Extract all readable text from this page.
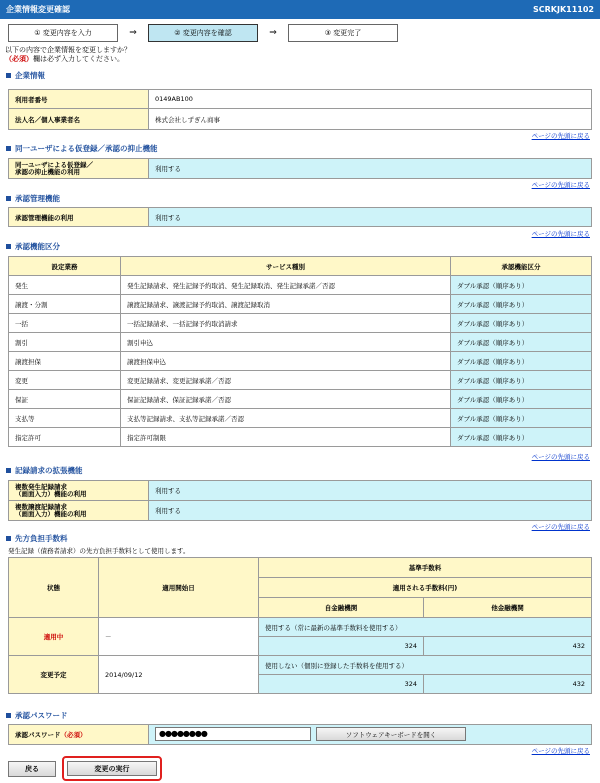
企業情報変更確認	SCRKJK11102
① 変更内容を入力	⇒	② 変更内容を確認	⇒	③ 変更完了
以下の内容で企業情報を変更しますか？
（必須）欄は必ず入力してください。
企業情報
利用者番号	0149AB100
法人名／個人事業者名	株式会社しずぎん商事
ページの先頭に戻る
同一ユーザによる仮登録／承認の抑止機能
同一ユーザによる仮登録／
承認の抑止機能の利用	利用する
ページの先頭に戻る
承認管理機能
承認管理機能の利用	利用する
ページの先頭に戻る
承認機能区分
設定業務	サービス種別	承認機能区分
発生	発生記録請求、発生記録予約取消、発生記録取消、発生記録承諾／否認	ダブル承認（順序あり）
譲渡・分割	譲渡記録請求、譲渡記録予約取消、譲渡記録取消	ダブル承認（順序あり）
一括	一括記録請求、一括記録予約取消請求	ダブル承認（順序あり）
割引	割引申込	ダブル承認（順序あり）
譲渡担保	譲渡担保申込	ダブル承認（順序あり）
変更	変更記録請求、変更記録承諾／否認	ダブル承認（順序あり）
保証	保証記録請求、保証記録承諾／否認	ダブル承認（順序あり）
支払等	支払等記録請求、支払等記録承諾／否認	ダブル承認（順序あり）
指定許可	指定許可制限	ダブル承認（順序あり）
ページの先頭に戻る
記録請求の拡張機能
複数発生記録請求
（画面入力）機能の利用	利用する

複数譲渡記録請求
（画面入力）機能の利用	利用する
ページの先頭に戻る
先方負担手数料
発生記録（債務者請求）の先方負担手数料として使用します。
状態	適用開始日	基準手数料	
		適用される手数料(円)	
		自金融機関	他金融機関
適用中	－	使用する（常に最新の基準手数料を使用する）	
		324	432
変更予定	2014/09/12	使用しない（個別に登録した手数料を使用する）	
		324	432
承認パスワード
承認パスワード（必須）		●●●●●●●●	ソフトウェアキーボードを開く
ページの先頭に戻る
戻る	変更の実行
